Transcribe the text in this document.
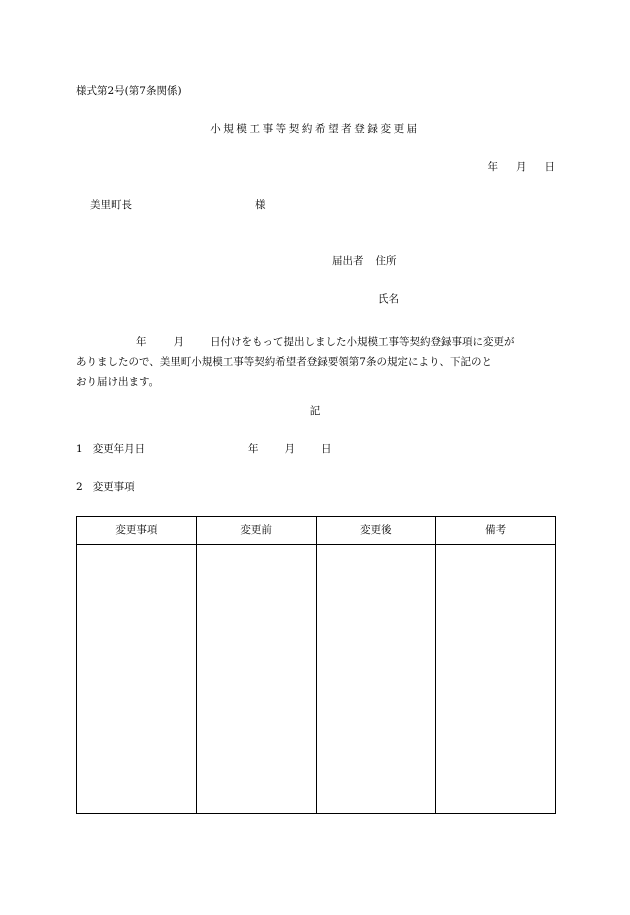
様式第2号(第7条関係)
小規模工事等契約希望者登録変更届
年 月 日
美里町長	様
届出者 住所
氏名
年	月 日付けをもって提出しました小規模工事等契約登録事項に変更が
ありましたので、美里町小規模工事等契約希望者登録要領第7条の規定により、下記のと
おり届け出ます。
記
1 変更年月日	年 月 日
2 変更事項
変更事項	変更前	変更後	備考
